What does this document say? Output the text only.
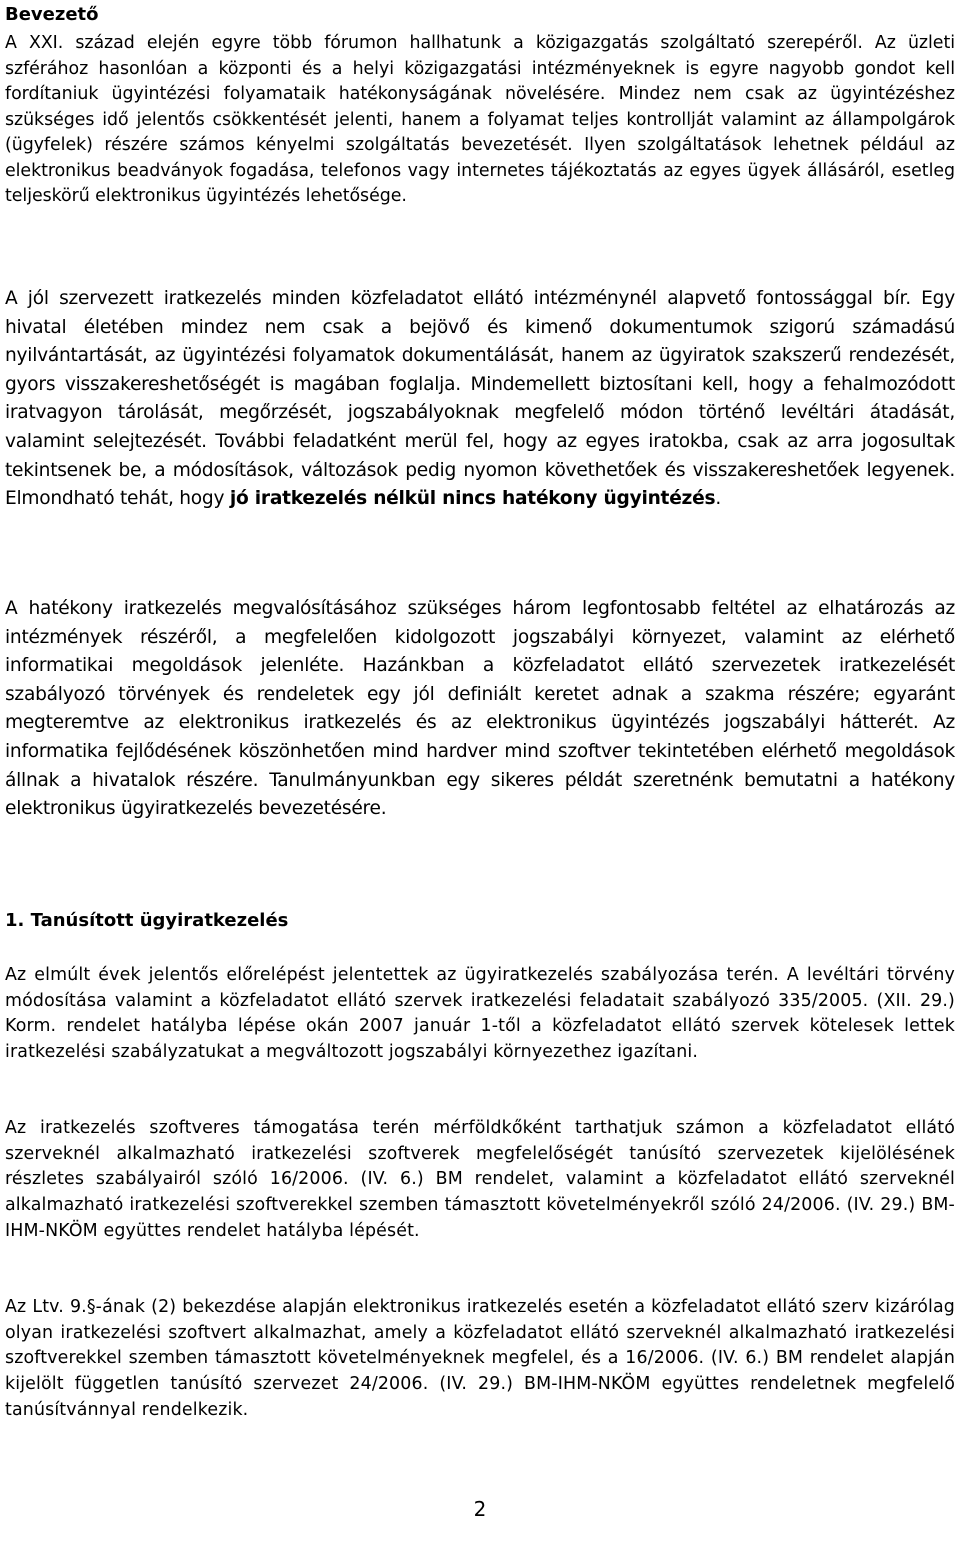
Bevezető

A XXI. század elején egyre több fórumon hallhatunk a közigazgatás szolgáltató szerepéről. Az üzleti szférához hasonlóan a központi és a helyi közigazgatási intézményeknek is egyre nagyobb gondot kell fordítaniuk ügyintézési folyamataik hatékonyságának növelésére. Mindez nem csak az ügyintézéshez szükséges idő jelentős csökkentését jelenti, hanem a folyamat teljes kontrollját valamint az állampolgárok (ügyfelek) részére számos kényelmi szolgáltatás bevezetését. Ilyen szolgáltatások lehetnek például az elektronikus beadványok fogadása, telefonos vagy internetes tájékoztatás az egyes ügyek állásáról, esetleg teljeskörű elektronikus ügyintézés lehetősége.

A jól szervezett iratkezelés minden közfeladatot ellátó intézménynél alapvető fontossággal bír. Egy hivatal életében mindez nem csak a bejövő és kimenő dokumentumok szigorú számadású nyilvántartását, az ügyintézési folyamatok dokumentálását, hanem az ügyiratok szakszerű rendezését, gyors visszakereshetőségét is magában foglalja. Mindemellett biztosítani kell, hogy a fehalmozódott iratvagyon tárolását, megőrzését, jogszabályoknak megfelelő módon történő levéltári átadását, valamint selejtezését. További feladatként merül fel, hogy az egyes iratokba, csak az arra jogosultak tekintsenek be, a módosítások, változások pedig nyomon követhetőek és visszakereshetőek legyenek. Elmondható tehát, hogy jó iratkezelés nélkül nincs hatékony ügyintézés.

A hatékony iratkezelés megvalósításához szükséges három legfontosabb feltétel az elhatározás az intézmények részéről, a megfelelően kidolgozott jogszabályi környezet, valamint az elérhető informatikai megoldások jelenléte. Hazánkban a közfeladatot ellátó szervezetek iratkezelését szabályozó törvények és rendeletek egy jól definiált keretet adnak a szakma részére; egyaránt megteremtve az elektronikus iratkezelés és az elektronikus ügyintézés jogszabályi hátterét. Az informatika fejlődésének köszönhetően mind hardver mind szoftver tekintetében elérhető megoldások állnak a hivatalok részére. Tanulmányunkban egy sikeres példát szeretnénk bemutatni a hatékony elektronikus ügyiratkezelés bevezetésére.

1. Tanúsított ügyiratkezelés

Az elmúlt évek jelentős előrelépést jelentettek az ügyiratkezelés szabályozása terén. A levéltári törvény módosítása valamint a közfeladatot ellátó szervek iratkezelési feladatait szabályozó 335/2005. (XII. 29.) Korm. rendelet hatályba lépése okán 2007 január 1-től a közfeladatot ellátó szervek kötelesek lettek iratkezelési szabályzatukat a megváltozott jogszabályi környezethez igazítani.

Az iratkezelés szoftveres támogatása terén mérföldkőként tarthatjuk számon a közfeladatot ellátó szerveknél alkalmazható iratkezelési szoftverek megfelelőségét tanúsító szervezetek kijelölésének részletes szabályairól szóló 16/2006. (IV. 6.) BM rendelet, valamint a közfeladatot ellátó szerveknél alkalmazható iratkezelési szoftverekkel szemben támasztott követelményekről szóló 24/2006. (IV. 29.) BM-IHM-NKÖM együttes rendelet hatályba lépését.

Az Ltv. 9.§-ának (2) bekezdése alapján elektronikus iratkezelés esetén a közfeladatot ellátó szerv kizárólag olyan iratkezelési szoftvert alkalmazhat, amely a közfeladatot ellátó szerveknél alkalmazható iratkezelési szoftverekkel szemben támasztott követelményeknek megfelel, és a 16/2006. (IV. 6.) BM rendelet alapján kijelölt független tanúsító szervezet 24/2006. (IV. 29.) BM-IHM-NKÖM együttes rendeletnek megfelelő tanúsítvánnyal rendelkezik.

2
